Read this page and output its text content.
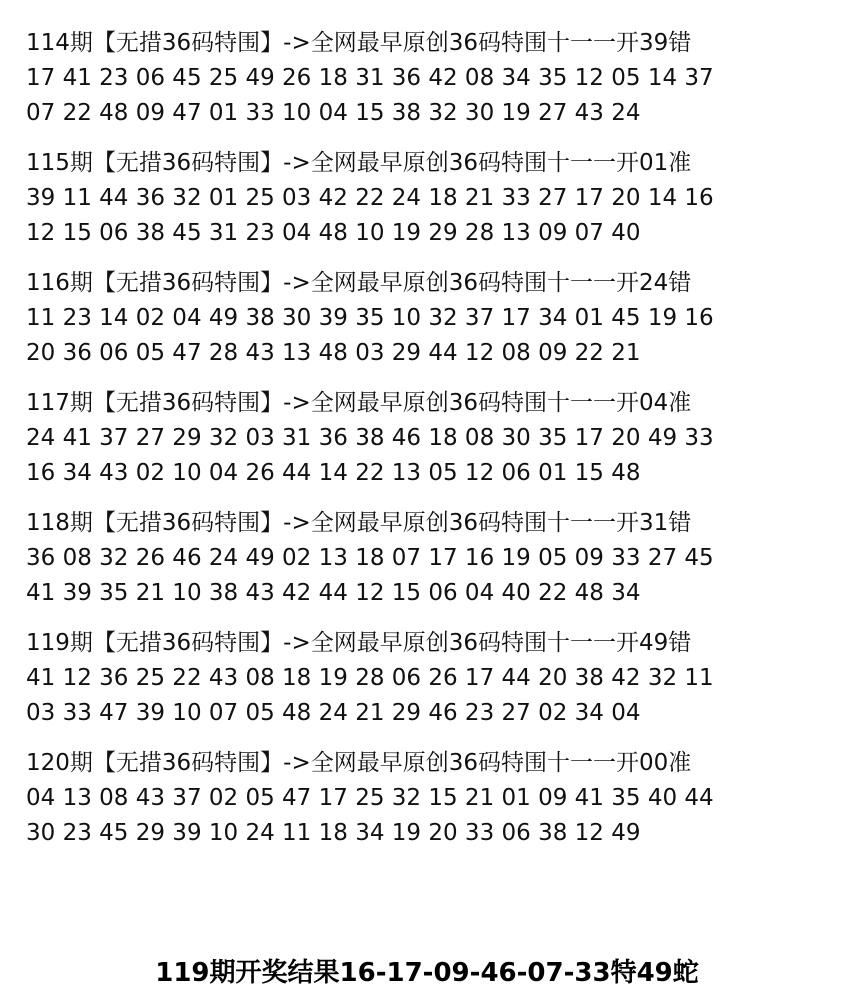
114期【无措36码特围】->全网最早原创36码特围十一一开39错
17 41 23 06 45 25 49 26 18 31 36 42 08 34 35 12 05 14 37
07 22 48 09 47 01 33 10 04 15 38 32 30 19 27 43 24
115期【无措36码特围】->全网最早原创36码特围十一一开01准
39 11 44 36 32 01 25 03 42 22 24 18 21 33 27 17 20 14 16
12 15 06 38 45 31 23 04 48 10 19 29 28 13 09 07 40
116期【无措36码特围】->全网最早原创36码特围十一一开24错
11 23 14 02 04 49 38 30 39 35 10 32 37 17 34 01 45 19 16
20 36 06 05 47 28 43 13 48 03 29 44 12 08 09 22 21
117期【无措36码特围】->全网最早原创36码特围十一一开04准
24 41 37 27 29 32 03 31 36 38 46 18 08 30 35 17 20 49 33
16 34 43 02 10 04 26 44 14 22 13 05 12 06 01 15 48
118期【无措36码特围】->全网最早原创36码特围十一一开31错
36 08 32 26 46 24 49 02 13 18 07 17 16 19 05 09 33 27 45
41 39 35 21 10 38 43 42 44 12 15 06 04 40 22 48 34
119期【无措36码特围】->全网最早原创36码特围十一一开49错
41 12 36 25 22 43 08 18 19 28 06 26 17 44 20 38 42 32 11
03 33 47 39 10 07 05 48 24 21 29 46 23 27 02 34 04
120期【无措36码特围】->全网最早原创36码特围十一一开00准
04 13 08 43 37 02 05 47 17 25 32 15 21 01 09 41 35 40 44
30 23 45 29 39 10 24 11 18 34 19 20 33 06 38 12 49
119期开奖结果16-17-09-46-07-33特49蛇
